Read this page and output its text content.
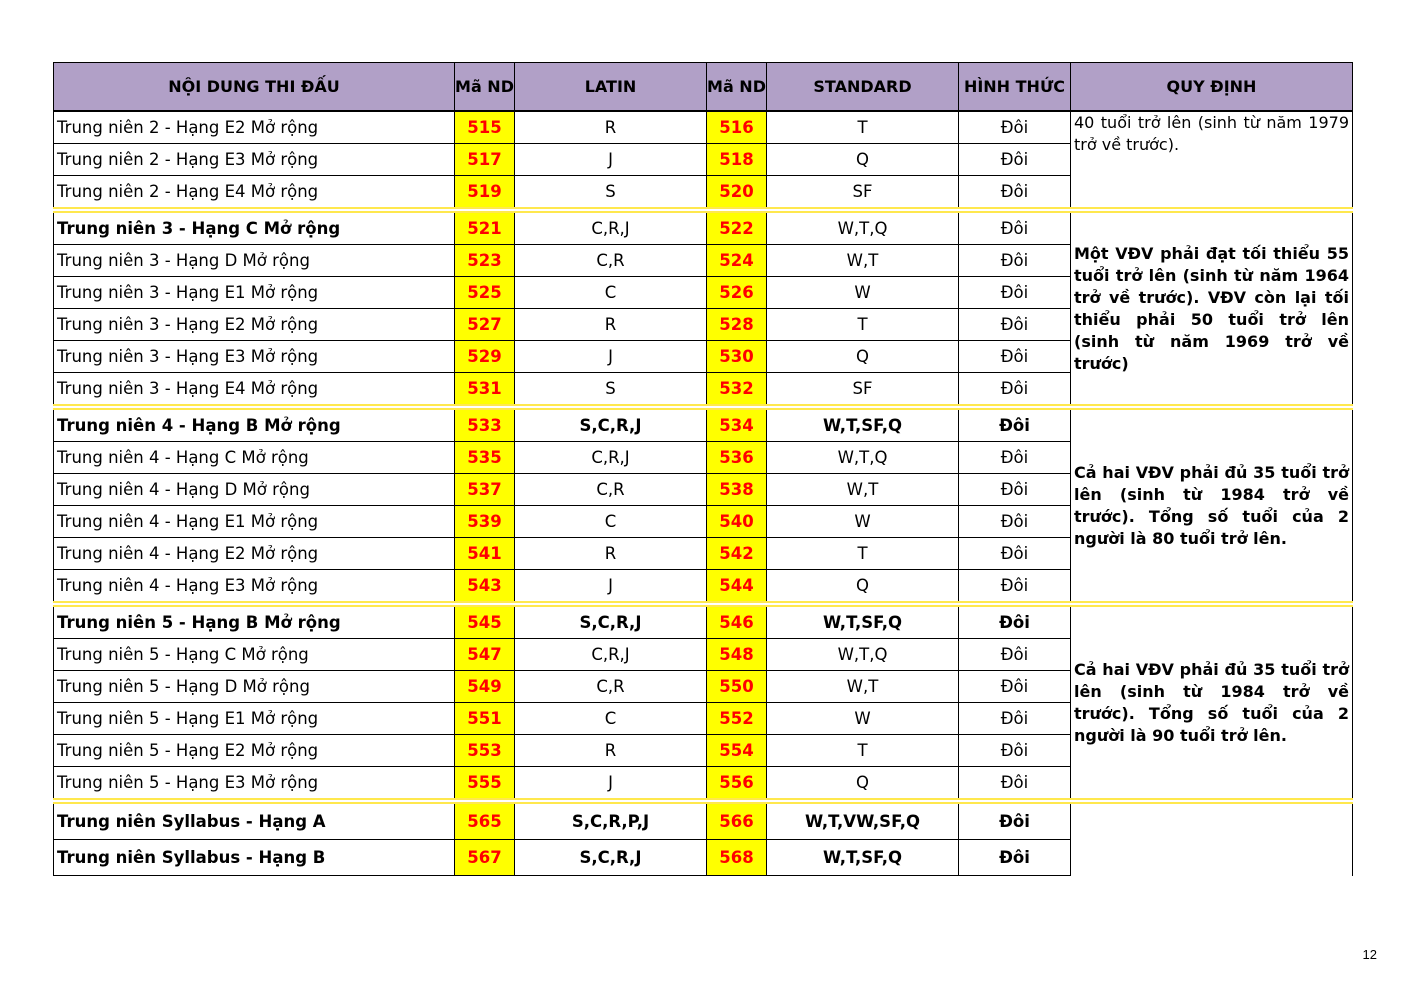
NỘI DUNG THI ĐẤU	Mã ND	LATIN	Mã ND	STANDARD	HÌNH THỨC	QUY ĐỊNH
Trung niên 2 - Hạng E2 Mở rộng	515	R	516	T	Đôi	40 tuổi trở lên (sinh từ năm 1979 trở về trước).
Trung niên 2 - Hạng E3 Mở rộng	517	J	518	Q	Đôi	
Trung niên 2 - Hạng E4 Mở rộng	519	S	520	SF	Đôi	
Trung niên 3 - Hạng C Mở rộng	521	C,R,J	522	W,T,Q	Đôi	Một VĐV phải đạt tối thiểu 55 tuổi trở lên (sinh từ năm 1964 trở về trước). VĐV còn lại tối thiểu phải 50 tuổi trở lên (sinh từ năm 1969 trở về trước)
Trung niên 3 - Hạng D Mở rộng	523	C,R	524	W,T	Đôi	
Trung niên 3 - Hạng E1 Mở rộng	525	C	526	W	Đôi	
Trung niên 3 - Hạng E2 Mở rộng	527	R	528	T	Đôi	
Trung niên 3 - Hạng E3 Mở rộng	529	J	530	Q	Đôi	
Trung niên 3 - Hạng E4 Mở rộng	531	S	532	SF	Đôi	
Trung niên 4 - Hạng B Mở rộng	533	S,C,R,J	534	W,T,SF,Q	Đôi	Cả hai VĐV phải đủ 35 tuổi trở lên (sinh từ 1984 trở về trước). Tổng số tuổi của 2 người là 80 tuổi trở lên.
Trung niên 4 - Hạng C Mở rộng	535	C,R,J	536	W,T,Q	Đôi	
Trung niên 4 - Hạng D Mở rộng	537	C,R	538	W,T	Đôi	
Trung niên 4 - Hạng E1 Mở rộng	539	C	540	W	Đôi	
Trung niên 4 - Hạng E2 Mở rộng	541	R	542	T	Đôi	
Trung niên 4 - Hạng E3 Mở rộng	543	J	544	Q	Đôi	
Trung niên 5 - Hạng B Mở rộng	545	S,C,R,J	546	W,T,SF,Q	Đôi	Cả hai VĐV phải đủ 35 tuổi trở lên (sinh từ 1984 trở về trước). Tổng số tuổi của 2 người là 90 tuổi trở lên.
Trung niên 5 - Hạng C Mở rộng	547	C,R,J	548	W,T,Q	Đôi	
Trung niên 5 - Hạng D Mở rộng	549	C,R	550	W,T	Đôi	
Trung niên 5 - Hạng E1 Mở rộng	551	C	552	W	Đôi	
Trung niên 5 - Hạng E2 Mở rộng	553	R	554	T	Đôi	
Trung niên 5 - Hạng E3 Mở rộng	555	J	556	Q	Đôi	
Trung niên Syllabus - Hạng A	565	S,C,R,P,J	566	W,T,VW,SF,Q	Đôi	
Trung niên Syllabus - Hạng B	567	S,C,R,J	568	W,T,SF,Q	Đôi	
12
